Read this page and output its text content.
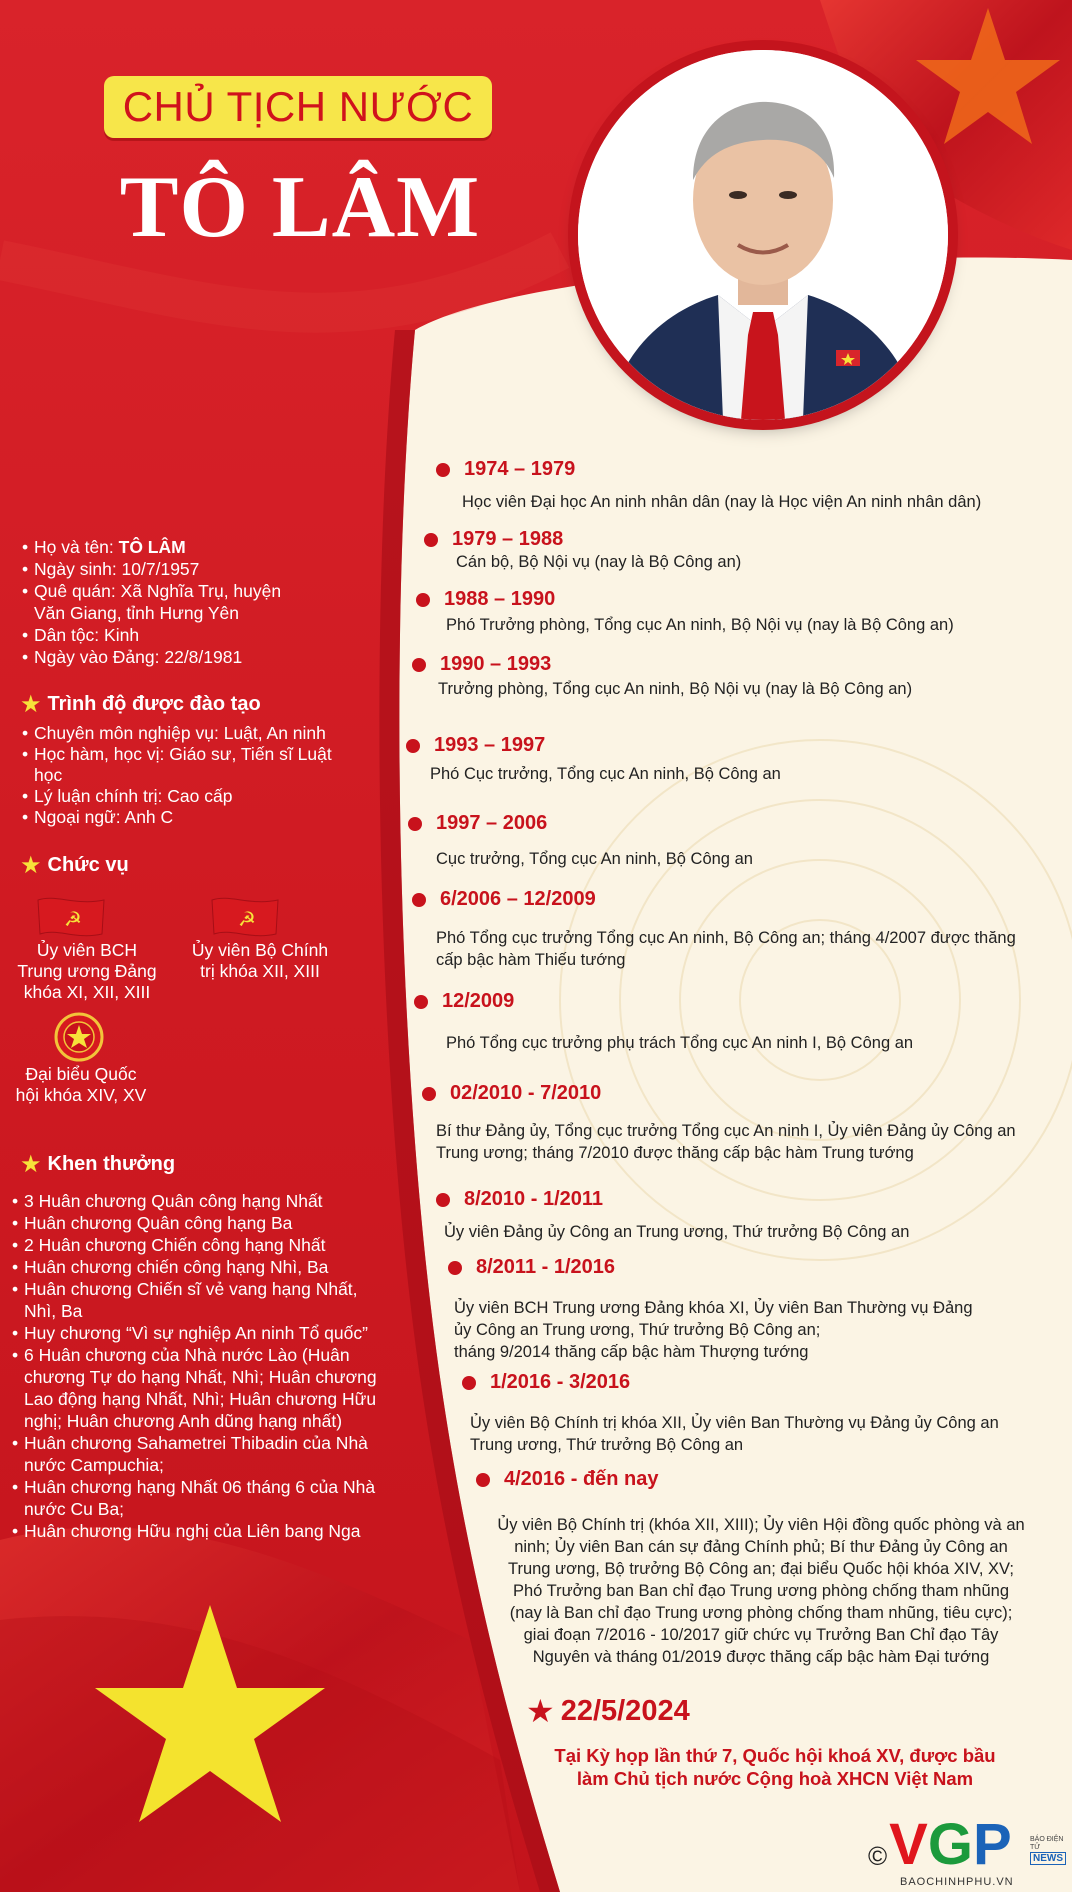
CHỦ TỊCH NƯỚC
TÔ LÂM
• Họ và tên: TÔ LÂM
• Ngày sinh: 10/7/1957
• Quê quán: Xã Nghĩa Trụ, huyện
Văn Giang, tỉnh Hưng Yên
• Dân tộc: Kinh
• Ngày vào Đảng: 22/8/1981
★ Trình độ được đào tạo
• Chuyên môn nghiệp vụ: Luật, An ninh
• Học hàm, học vị: Giáo sư, Tiến sĩ Luật học
• Lý luận chính trị: Cao cấp
• Ngoại ngữ: Anh C
★ Chức vụ
☭
Ủy viên BCH
Trung ương Đảng
khóa XI, XII, XIII
☭
Ủy viên Bộ Chính
trị khóa XII, XIII
Đại biểu Quốc
hội khóa XIV, XV
★ Khen thưởng
• 3 Huân chương Quân công hạng Nhất
• Huân chương Quân công hạng Ba
• 2 Huân chương Chiến công hạng Nhất
• Huân chương chiến công hạng Nhì, Ba
• Huân chương Chiến sĩ vẻ vang hạng Nhất,
Nhì, Ba
• Huy chương “Vì sự nghiệp An ninh Tổ quốc”
• 6 Huân chương của Nhà nước Lào (Huân
chương Tự do hạng Nhất, Nhì; Huân chương
Lao động hạng Nhất, Nhì; Huân chương Hữu
nghị; Huân chương Anh dũng hạng nhất)
• Huân chương Sahametrei Thibadin của Nhà
nước Campuchia;
• Huân chương hạng Nhất 06 tháng 6 của Nhà
nước Cu Ba;
• Huân chương Hữu nghị của Liên bang Nga
1974 – 1979
Học viên Đại học An ninh nhân dân (nay là Học viện An ninh nhân dân)
1979 – 1988
Cán bộ, Bộ Nội vụ (nay là Bộ Công an)
1988 – 1990
Phó Trưởng phòng, Tổng cục An ninh, Bộ Nội vụ (nay là Bộ Công an)
1990 – 1993
Trưởng phòng, Tổng cục An ninh, Bộ Nội vụ (nay là Bộ Công an)
1993 – 1997
Phó Cục trưởng, Tổng cục An ninh, Bộ Công an
1997 – 2006
Cục trưởng, Tổng cục An ninh, Bộ Công an
6/2006 – 12/2009
Phó Tổng cục trưởng Tổng cục An ninh, Bộ Công an; tháng 4/2007 được thăng
cấp bậc hàm Thiếu tướng
12/2009
Phó Tổng cục trưởng phụ trách Tổng cục An ninh I, Bộ Công an
02/2010 - 7/2010
Bí thư Đảng ủy, Tổng cục trưởng Tổng cục An ninh I, Ủy viên Đảng ủy Công an
Trung ương; tháng 7/2010 được thăng cấp bậc hàm Trung tướng
8/2010 - 1/2011
Ủy viên Đảng ủy Công an Trung ương, Thứ trưởng Bộ Công an
8/2011 - 1/2016
Ủy viên BCH Trung ương Đảng khóa XI, Ủy viên Ban Thường vụ Đảng
ủy Công an Trung ương, Thứ trưởng Bộ Công an;
tháng 9/2014 thăng cấp bậc hàm Thượng tướng
1/2016 - 3/2016
Ủy viên Bộ Chính trị khóa XII, Ủy viên Ban Thường vụ Đảng ủy Công an
Trung ương, Thứ trưởng Bộ Công an
4/2016 - đến nay
Ủy viên Bộ Chính trị (khóa XII, XIII); Ủy viên Hội đồng quốc phòng và an
ninh; Ủy viên Ban cán sự đảng Chính phủ; Bí thư Đảng ủy Công an
Trung ương, Bộ trưởng Bộ Công an; đại biểu Quốc hội khóa XIV, XV;
Phó Trưởng ban Ban chỉ đạo Trung ương phòng chống tham nhũng
(nay là Ban chỉ đạo Trung ương phòng chống tham nhũng, tiêu cực);
giai đoạn 7/2016 - 10/2017 giữ chức vụ Trưởng Ban Chỉ đạo Tây
Nguyên và tháng 01/2019 được thăng cấp bậc hàm Đại tướng
★ 22/5/2024
Tại Kỳ họp lần thứ 7, Quốc hội khoá XV, được bầu
làm Chủ tịch nước Cộng hoà XHCN Việt Nam
© V G P	BÁO ĐIỆN TỬ
NEWS
BAOCHINHPHU.VN
